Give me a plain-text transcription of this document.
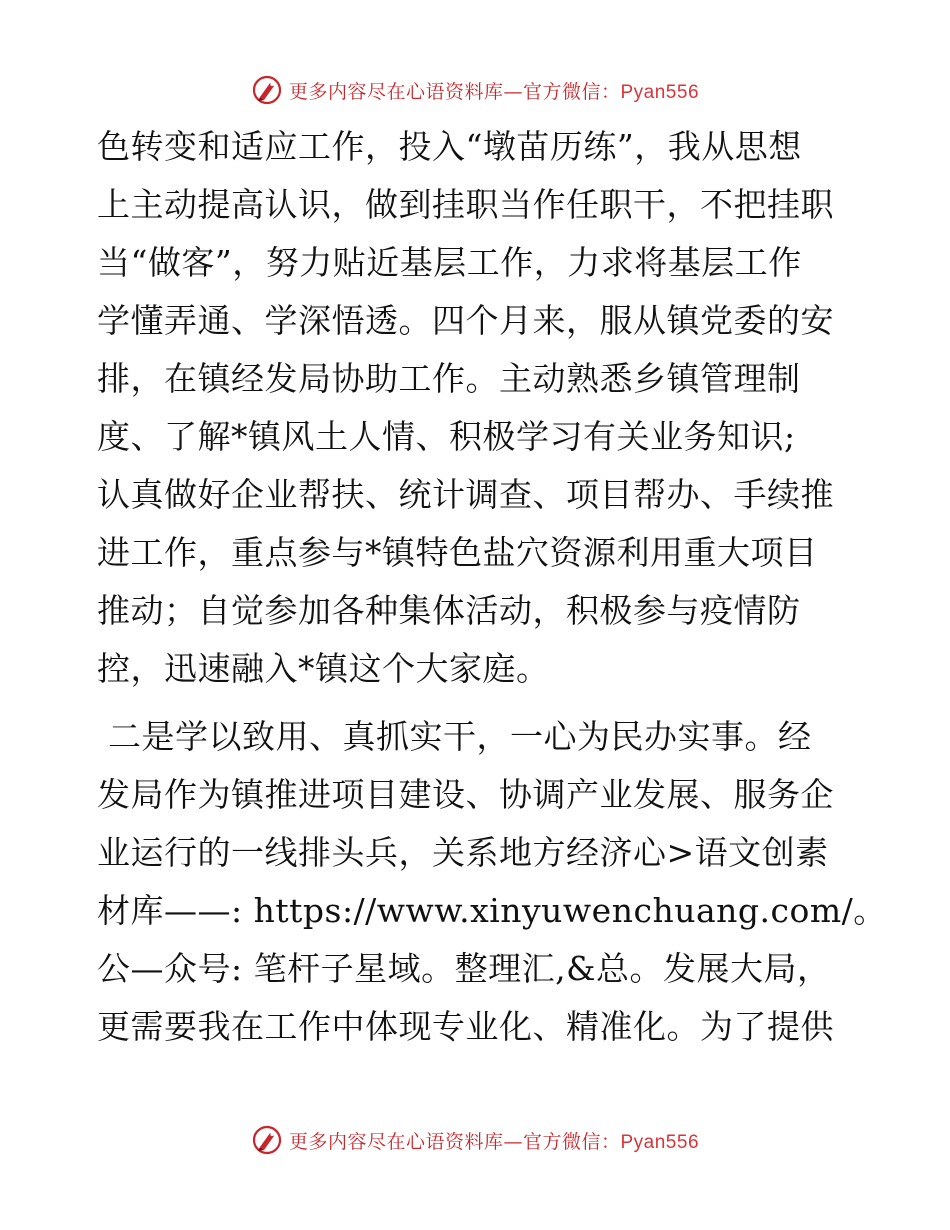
更多内容尽在心语资料库—官方微信：Pyan556
色转变和适应工作，投入“墩苗历练”，我从思想
上主动提高认识，做到挂职当作任职干，不把挂职
当“做客”，努力贴近基层工作，力求将基层工作
学懂弄通、学深悟透。四个月来，服从镇党委的安
排，在镇经发局协助工作。主动熟悉乡镇管理制
度、了解*镇风土人情、积极学习有关业务知识;
认真做好企业帮扶、统计调查、项目帮办、手续推
进工作，重点参与*镇特色盐穴资源利用重大项目
推动；自觉参加各种集体活动，积极参与疫情防
控，迅速融入*镇这个大家庭。
二是学以致用、真抓实干，一心为民办实事。经
发局作为镇推进项目建设、协调产业发展、服务企
业运行的一线排头兵，关系地方经济心>语文创素
材库——: https://www.xinyuwenchuang.com/。
公—众号: 笔杆子星域。整理汇,&总。发展大局，
更需要我在工作中体现专业化、精准化。为了提供
更多内容尽在心语资料库—官方微信：Pyan556
